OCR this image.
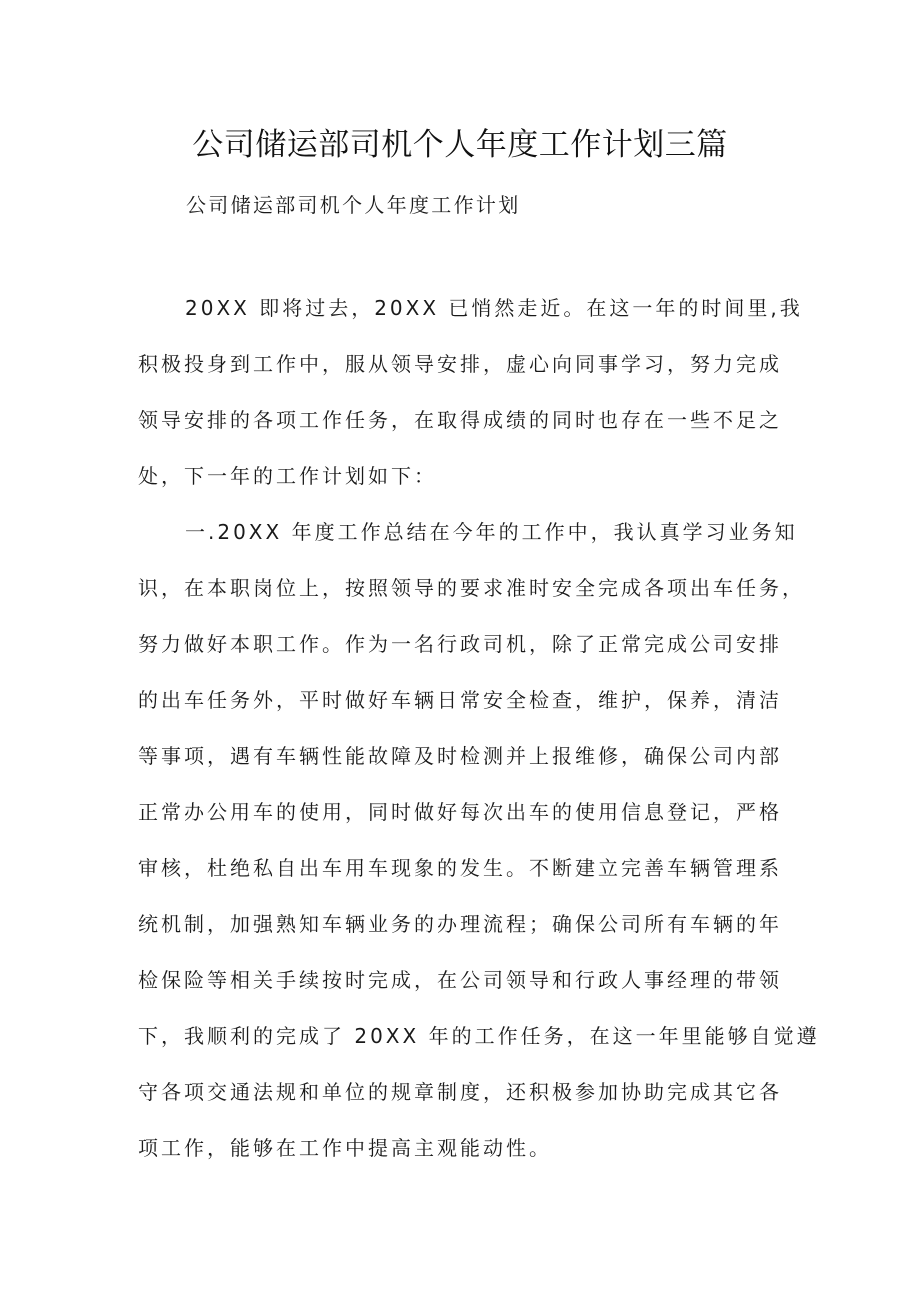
公司储运部司机个人年度工作计划三篇
公司储运部司机个人年度工作计划
20XX 即将过去，20XX 已悄然走近。在这一年的时间里,我
积极投身到工作中，服从领导安排，虚心向同事学习，努力完成
领导安排的各项工作任务，在取得成绩的同时也存在一些不足之
处，下一年的工作计划如下：
一.20XX 年度工作总结在今年的工作中，我认真学习业务知
识，在本职岗位上，按照领导的要求准时安全完成各项出车任务，
努力做好本职工作。作为一名行政司机，除了正常完成公司安排
的出车任务外，平时做好车辆日常安全检查，维护，保养，清洁
等事项，遇有车辆性能故障及时检测并上报维修，确保公司内部
正常办公用车的使用，同时做好每次出车的使用信息登记，严格
审核，杜绝私自出车用车现象的发生。不断建立完善车辆管理系
统机制，加强熟知车辆业务的办理流程；确保公司所有车辆的年
检保险等相关手续按时完成，在公司领导和行政人事经理的带领
下，我顺利的完成了 20XX 年的工作任务，在这一年里能够自觉遵
守各项交通法规和单位的规章制度，还积极参加协助完成其它各
项工作，能够在工作中提高主观能动性。
